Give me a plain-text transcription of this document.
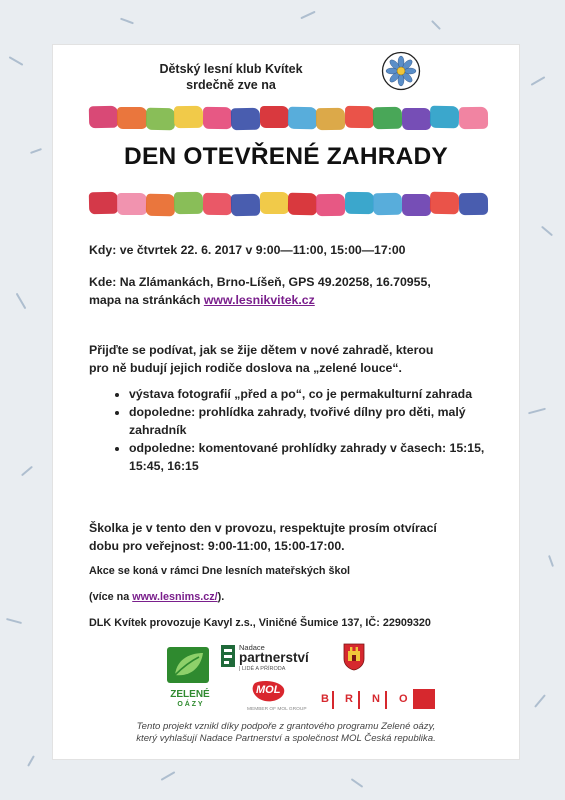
Dětský lesní klub Kvítek
srdečně zve na
DEN OTEVŘENÉ ZAHRADY
Kdy: ve čtvrtek 22. 6. 2017 v 9:00—11:00, 15:00—17:00
Kde: Na Zlámankách, Brno-Líšeň, GPS 49.20258, 16.70955,
mapa na stránkách www.lesnikvitek.cz
Přijďte se podívat, jak se žije dětem v nové zahradě, kterou
pro ně budují jejich rodiče doslova na „zelené louce“.
• výstava fotografií „před a po“, co je permakulturní zahrada
• dopoledne: prohlídka zahrady, tvořivé dílny pro děti, malý zahradník
• odpoledne: komentované prohlídky zahrady v časech: 15:15, 15:45, 16:15
Školka je v tento den v provozu, respektujte prosím otvírací
dobu pro veřejnost: 9:00-11:00, 15:00-17:00.
Akce se koná v rámci Dne lesních mateřských škol
(více na www.lesnims.cz/).
DLK Kvítek provozuje Kavyl z.s., Viničné Šumice 137, IČ: 22909320
ZELENÉ
O Á Z Y
Nadace
partnerství
| LIDÉ A PŘÍRODA
MOL
MEMBER OF MOL GROUP
B R N O
Tento projekt vznikl díky podpoře z grantového programu Zelené oázy,
který vyhlašují Nadace Partnerství a společnost MOL Česká republika.
